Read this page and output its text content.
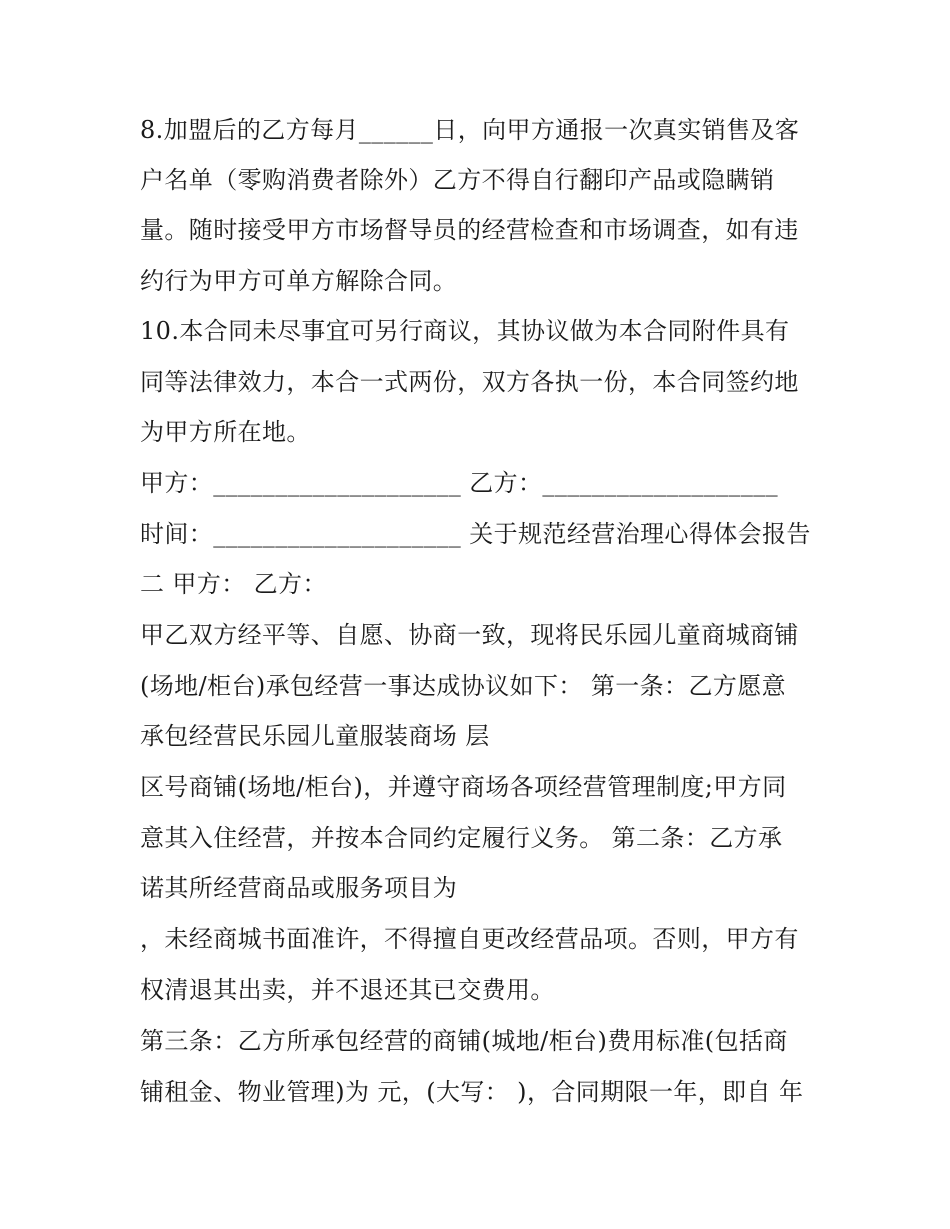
8.加盟后的乙方每月______日，向甲方通报一次真实销售及客

户名单（零购消费者除外）乙方不得自行翻印产品或隐瞒销

量。随时接受甲方市场督导员的经营检查和市场调查，如有违

约行为甲方可单方解除合同。

10.本合同未尽事宜可另行商议，其协议做为本合同附件具有

同等法律效力，本合一式两份，双方各执一份，本合同签约地

为甲方所在地。

甲方：____________________ 乙方：___________________

时间：____________________ 关于规范经营治理心得体会报告

二 甲方： 乙方：

甲乙双方经平等、自愿、协商一致，现将民乐园儿童商城商铺

(场地/柜台)承包经营一事达成协议如下： 第一条：乙方愿意

承包经营民乐园儿童服装商场 层

区号商铺(场地/柜台)，并遵守商场各项经营管理制度;甲方同

意其入住经营，并按本合同约定履行义务。 第二条：乙方承

诺其所经营商品或服务项目为

，未经商城书面准许，不得擅自更改经营品项。否则，甲方有

权清退其出卖，并不退还其已交费用。

第三条：乙方所承包经营的商铺(城地/柜台)费用标准(包括商

铺租金、物业管理)为 元，(大写： )，合同期限一年，即自 年
